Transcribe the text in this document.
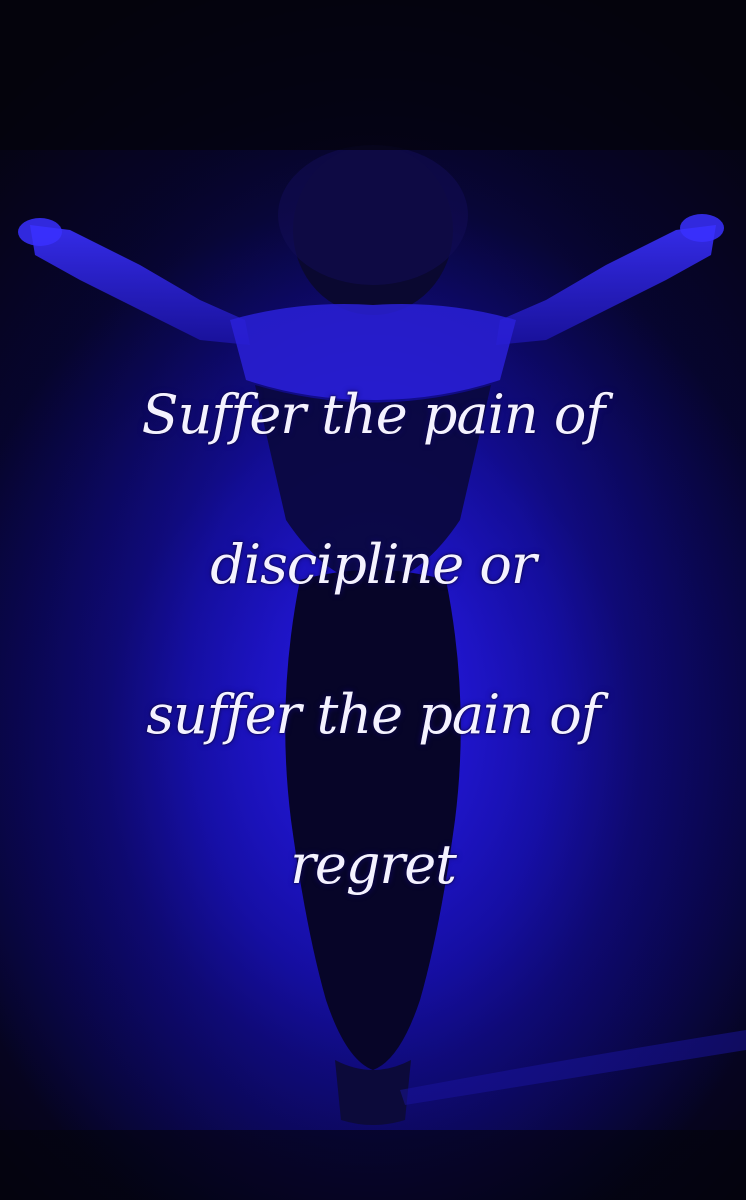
Suffer the pain of
discipline or
suffer the pain of
regret
